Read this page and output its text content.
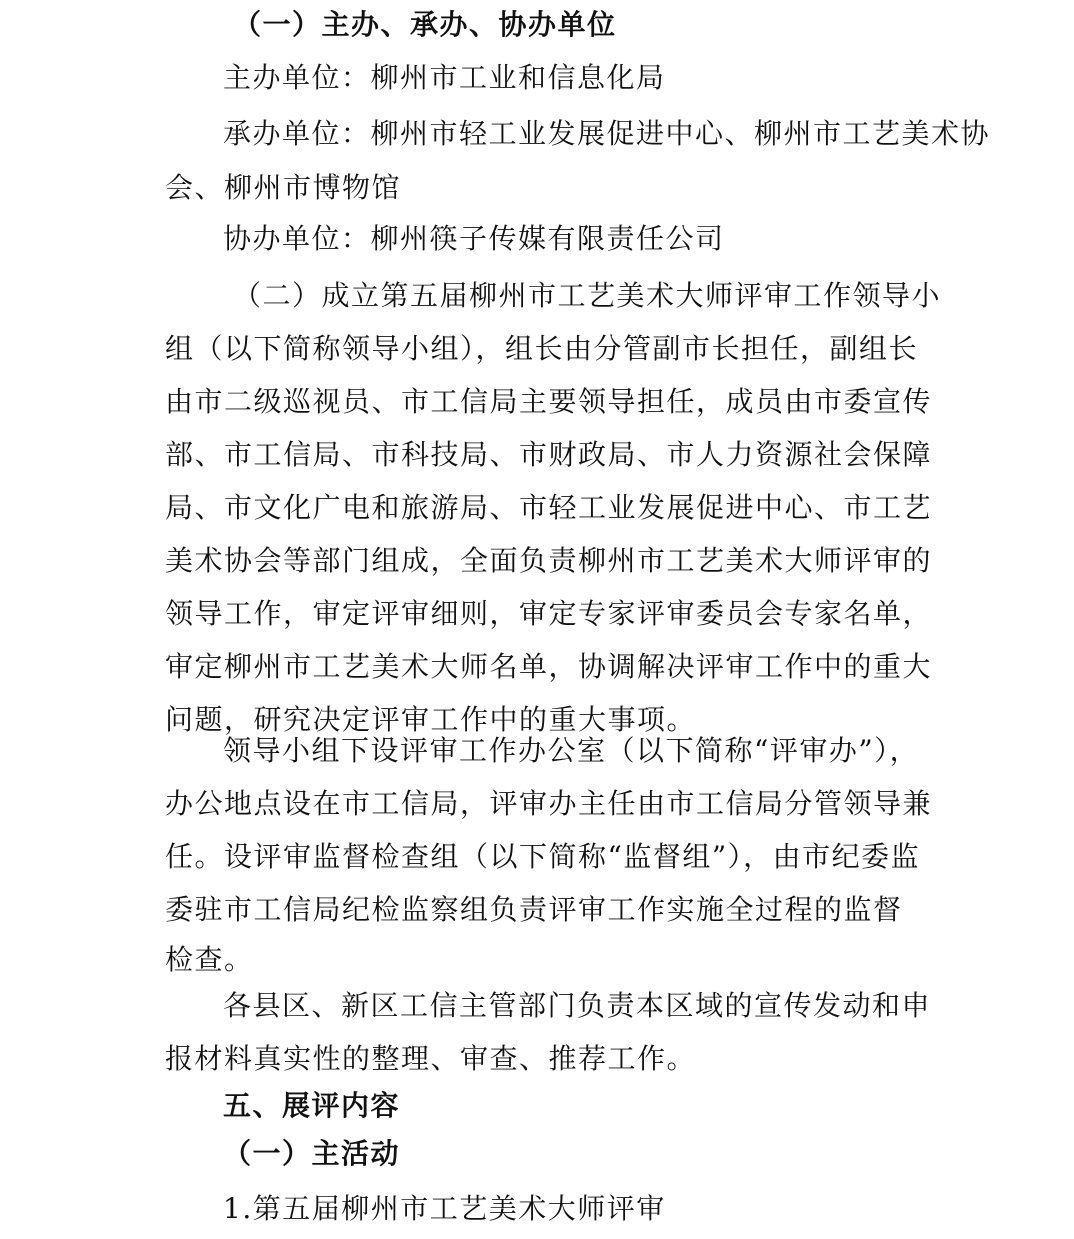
（一）主办、承办、协办单位

主办单位：柳州市工业和信息化局

承办单位：柳州市轻工业发展促进中心、柳州市工艺美术协

会、柳州市博物馆

协办单位：柳州筷子传媒有限责任公司

（二）成立第五届柳州市工艺美术大师评审工作领导小

组（以下简称领导小组），组长由分管副市长担任，副组长

由市二级巡视员、市工信局主要领导担任，成员由市委宣传

部、市工信局、市科技局、市财政局、市人力资源社会保障

局、市文化广电和旅游局、市轻工业发展促进中心、市工艺

美术协会等部门组成，全面负责柳州市工艺美术大师评审的

领导工作，审定评审细则，审定专家评审委员会专家名单，

审定柳州市工艺美术大师名单，协调解决评审工作中的重大

问题，研究决定评审工作中的重大事项。

领导小组下设评审工作办公室（以下简称“评审办”），

办公地点设在市工信局，评审办主任由市工信局分管领导兼

任。设评审监督检查组（以下简称“监督组”），由市纪委监

委驻市工信局纪检监察组负责评审工作实施全过程的监督

检查。

各县区、新区工信主管部门负责本区域的宣传发动和申

报材料真实性的整理、审查、推荐工作。

五、展评内容

（一）主活动

1.第五届柳州市工艺美术大师评审
